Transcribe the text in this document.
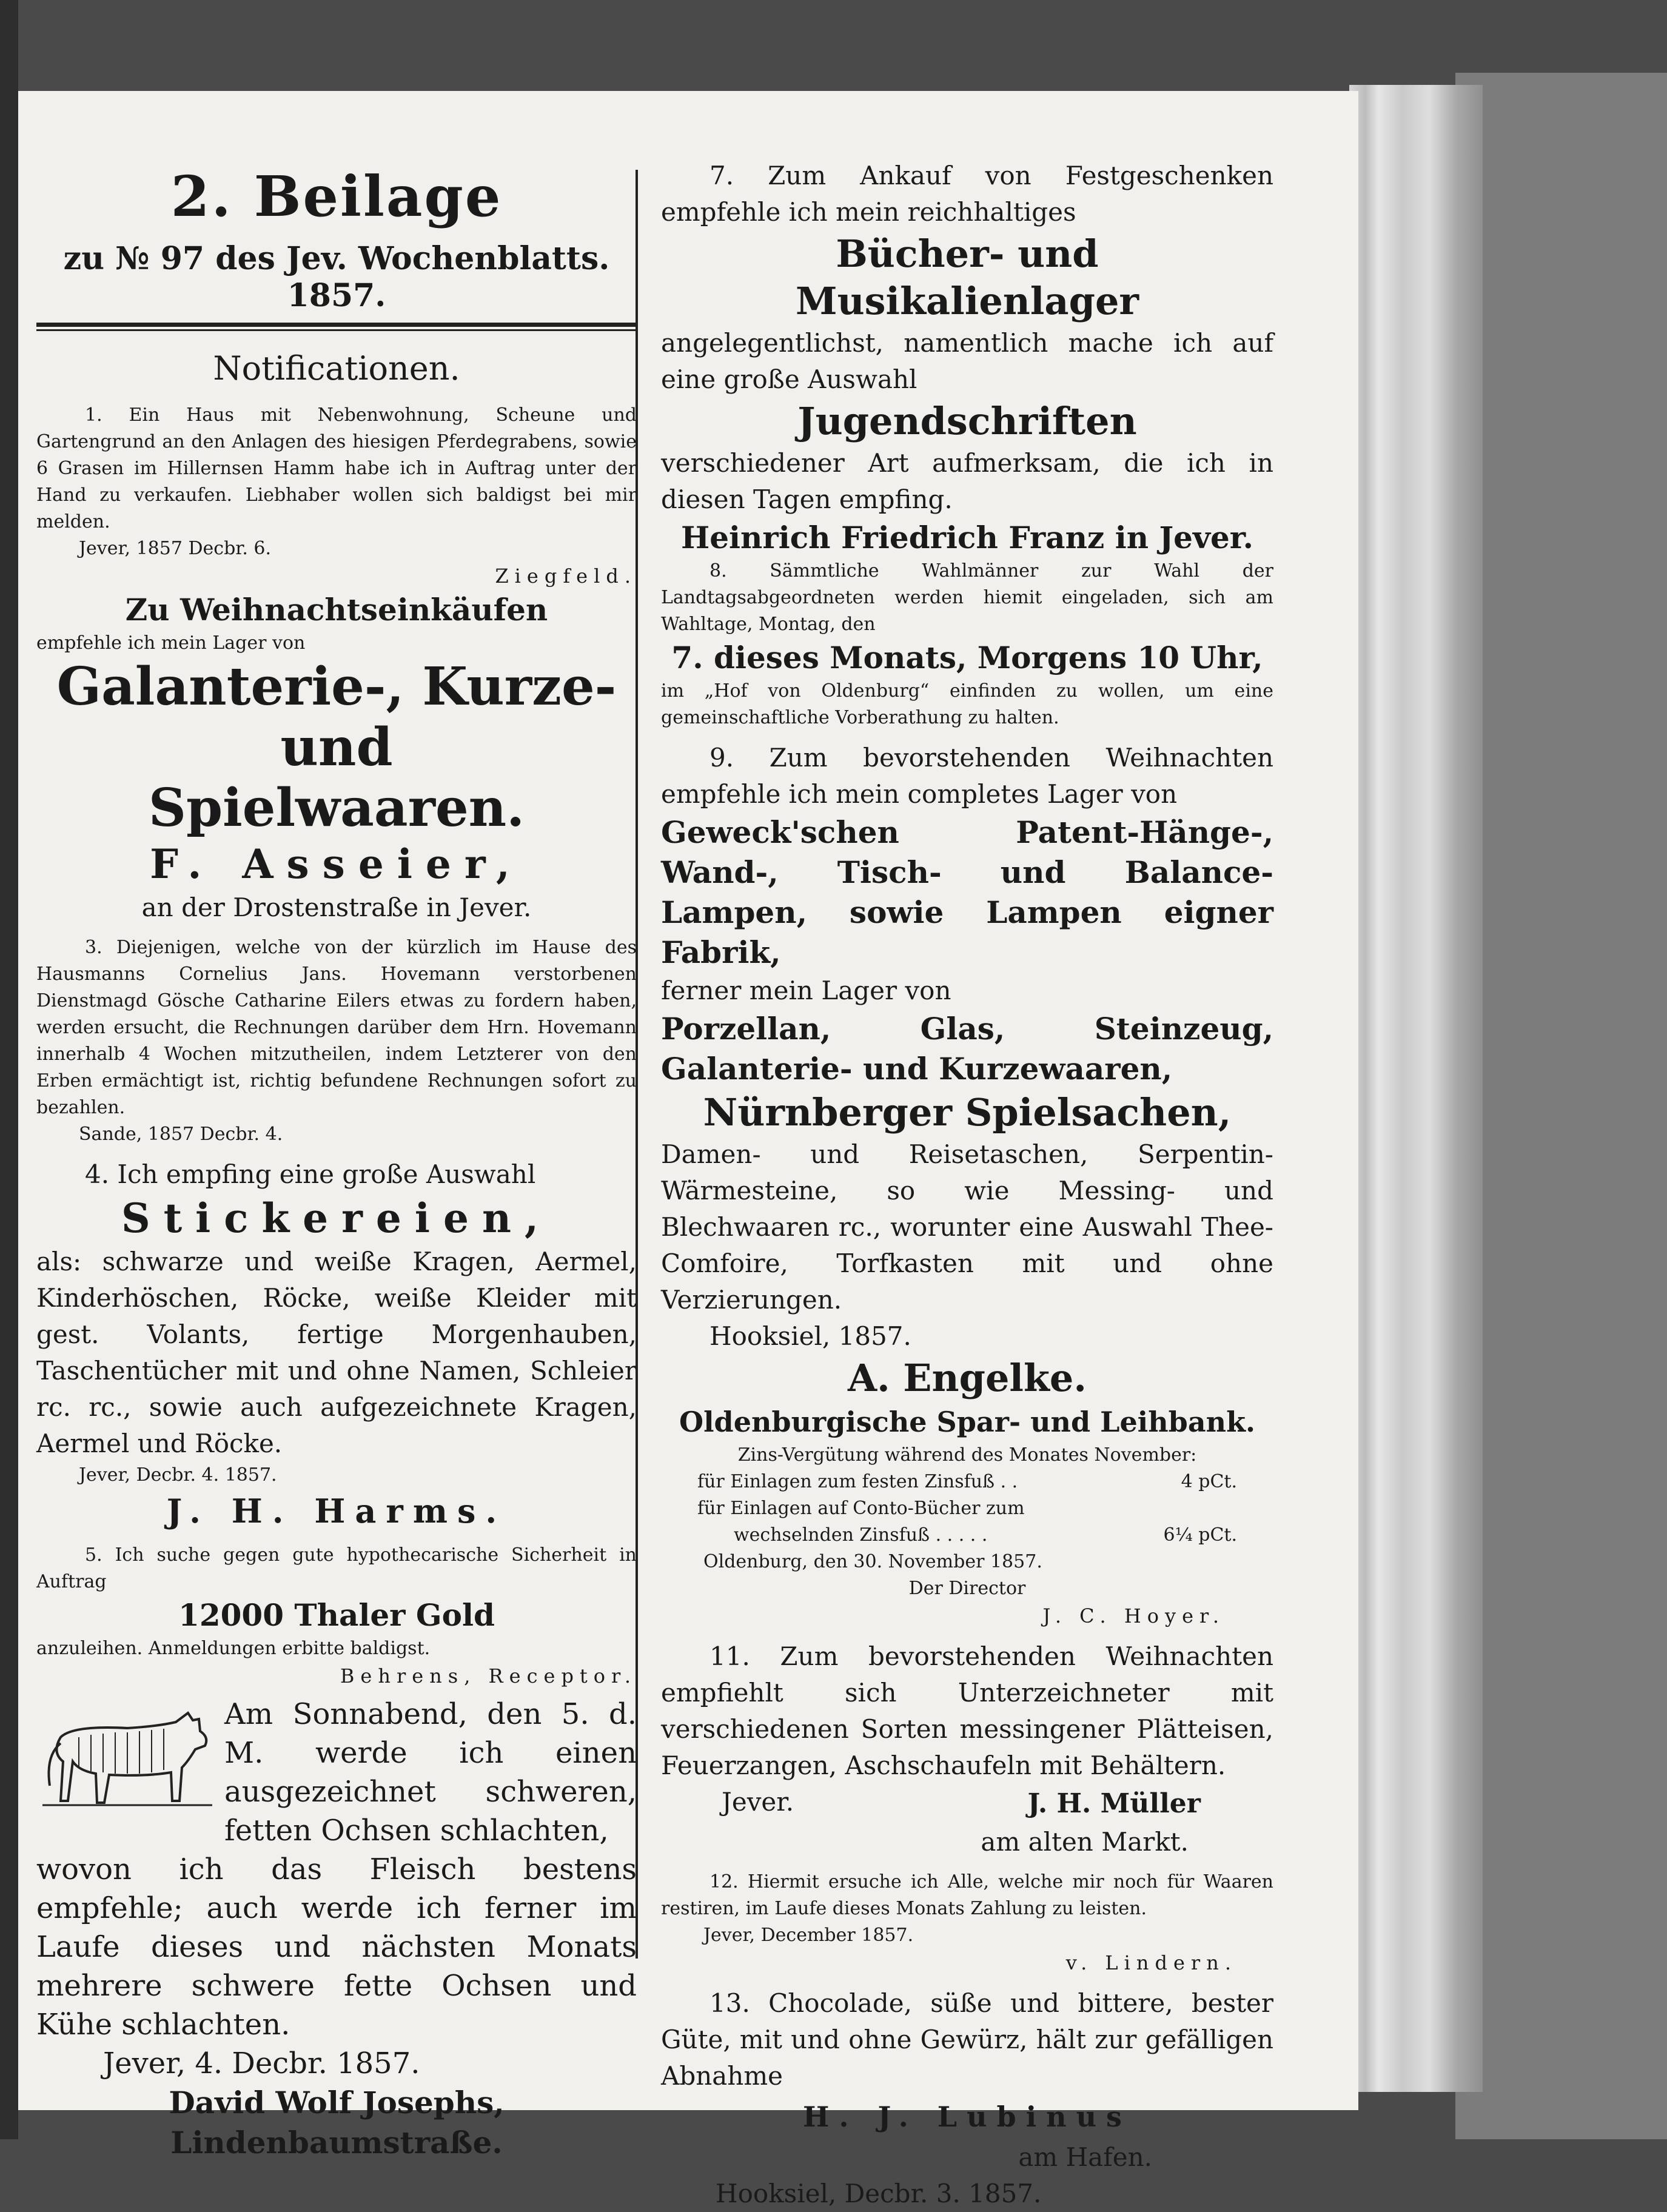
2. Beilage

zu № 97 des Jev. Wochenblatts. 1857.

Notificationen.

1. Ein Haus mit Nebenwohnung, Scheune und Gartengrund an den Anlagen des hiesigen Pferdegrabens, sowie 6 Grasen im Hillernsen Hamm habe ich in Auftrag unter der Hand zu verkaufen. Liebhaber wollen sich baldigst bei mir melden.

Jever, 1857 Decbr. 6.

Ziegfeld.

Zu Weihnachtseinkäufen

empfehle ich mein Lager von

Galanterie-, Kurze- und

Spielwaaren.

F. Asseier,

an der Drostenstraße in Jever.

3. Diejenigen, welche von der kürzlich im Hause des Hausmanns Cornelius Jans. Hovemann verstorbenen Dienstmagd Gösche Catharine Eilers etwas zu fordern haben, werden ersucht, die Rechnungen darüber dem Hrn. Hovemann innerhalb 4 Wochen mitzutheilen, indem Letzterer von den Erben ermächtigt ist, richtig befundene Rechnungen sofort zu bezahlen.

Sande, 1857 Decbr. 4.

4. Ich empfing eine große Auswahl

Stickereien,

als: schwarze und weiße Kragen, Aermel, Kinderhöschen, Röcke, weiße Kleider mit gest. Volants, fertige Morgenhauben, Taschentücher mit und ohne Namen, Schleier rc. rc., sowie auch aufgezeichnete Kragen, Aermel und Röcke.

Jever, Decbr. 4. 1857.

J. H. Harms.

5. Ich suche gegen gute hypothecarische Sicherheit in Auftrag

12000 Thaler Gold

anzuleihen. Anmeldungen erbitte baldigst.

Behrens, Receptor.

Am Sonnabend, den 5. d. M. werde ich einen ausgezeichnet schweren, fetten Ochsen schlachten,

wovon ich das Fleisch bestens empfehle; auch werde ich ferner im Laufe dieses und nächsten Monats mehrere schwere fette Ochsen und Kühe schlachten.

Jever, 4. Decbr. 1857.

David Wolf Josephs,

Lindenbaumstraße.

7. Zum Ankauf von Festgeschenken empfehle ich mein reichhaltiges

Bücher- und Musikalienlager

angelegentlichst, namentlich mache ich auf eine große Auswahl

Jugendschriften

verschiedener Art aufmerksam, die ich in diesen Tagen empfing.

Heinrich Friedrich Franz in Jever.

8. Sämmtliche Wahlmänner zur Wahl der Landtagsabgeordneten werden hiemit eingeladen, sich am Wahltage, Montag, den

7. dieses Monats, Morgens 10 Uhr,

im „Hof von Oldenburg“ einfinden zu wollen, um eine gemeinschaftliche Vorberathung zu halten.

9. Zum bevorstehenden Weihnachten empfehle ich mein completes Lager von

Geweck'schen Patent-Hänge-, Wand-, Tisch- und Balance-Lampen, sowie Lampen eigner Fabrik,

ferner mein Lager von

Porzellan, Glas, Steinzeug, Galanterie- und Kurzewaaren,

Nürnberger Spielsachen,

Damen- und Reisetaschen, Serpentin-Wärmesteine, so wie Messing- und Blechwaaren rc., worunter eine Auswahl Thee-Comfoire, Torfkasten mit und ohne Verzierungen.

Hooksiel, 1857.

A. Engelke.

Oldenburgische Spar- und Leihbank.

Zins-Vergütung während des Monates November:

für Einlagen zum festen Zinsfuß . .	4 pCt.
für Einlagen auf Conto-Bücher zum
wechselnden Zinsfuß . . . . .	6¼ pCt.

Oldenburg, den 30. November 1857.

Der Director

J. C. Hoyer.

11. Zum bevorstehenden Weihnachten empfiehlt sich Unterzeichneter mit verschiedenen Sorten messingener Plätteisen, Feuerzangen, Aschschaufeln mit Behältern.

Jever.	J. H. Müller

am alten Markt.

12. Hiermit ersuche ich Alle, welche mir noch für Waaren restiren, im Laufe dieses Monats Zahlung zu leisten.

Jever, December 1857.

v. Lindern.

13. Chocolade, süße und bittere, bester Güte, mit und ohne Gewürz, hält zur gefälligen Abnahme

H. J. Lubinus

am Hafen.

Hooksiel, Decbr. 3. 1857.
